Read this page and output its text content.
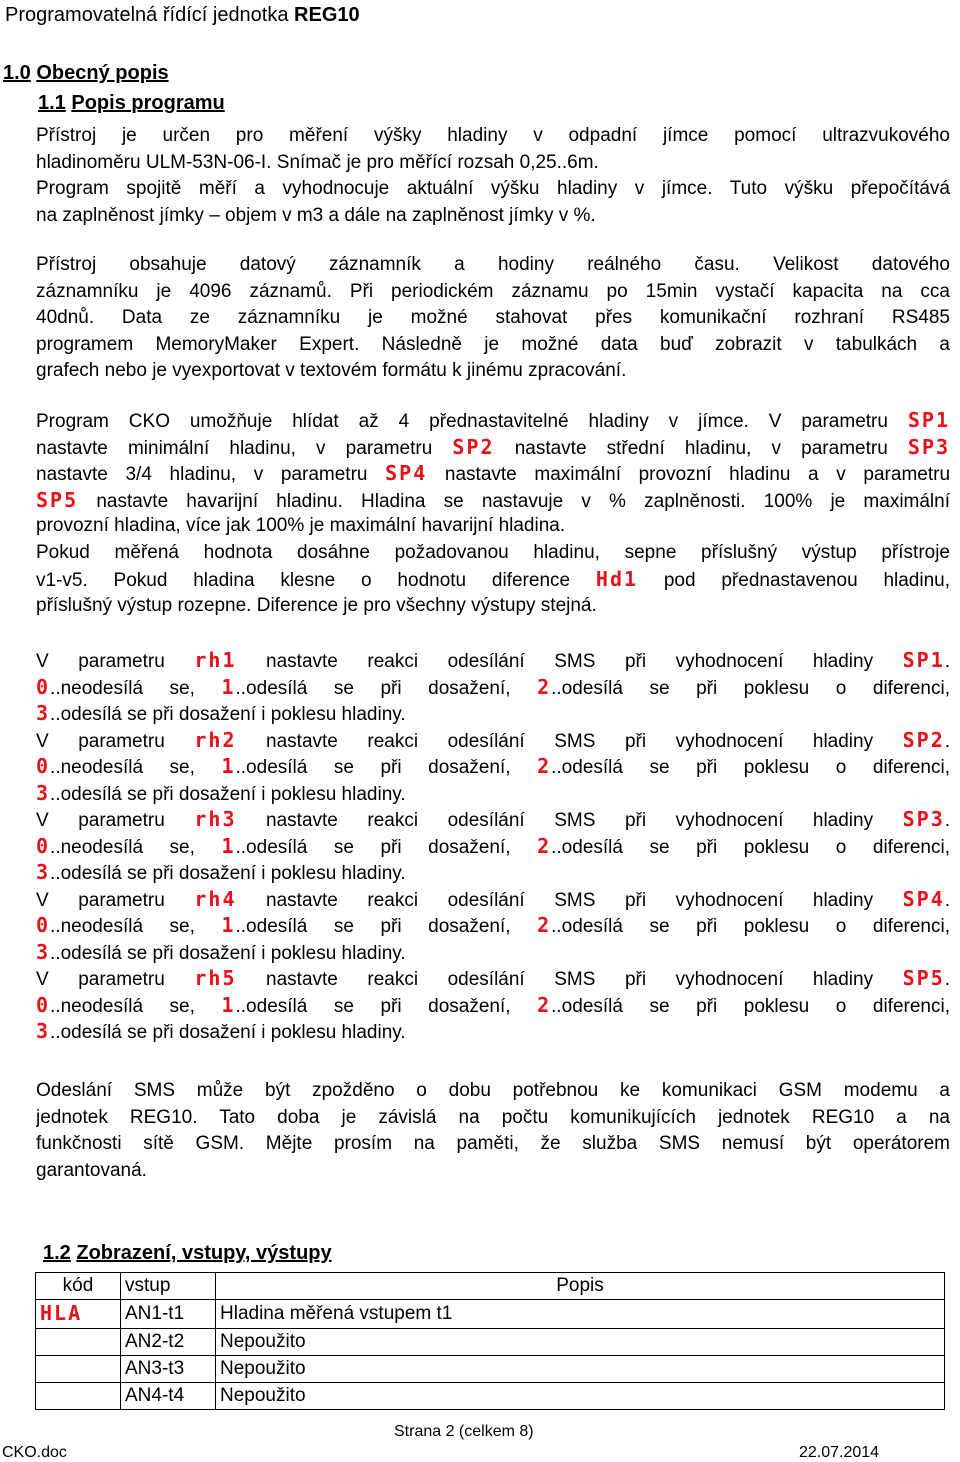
Programovatelná řídící jednotka REG10
1.0 Obecný popis
1.1 Popis programu
Přístroj je určen pro měření výšky hladiny v odpadní jímce pomocí ultrazvukového
hladinoměru ULM-53N-06-I. Snímač je pro měřící rozsah 0,25..6m.
Program spojitě měří a vyhodnocuje aktuální výšku hladiny v jímce. Tuto výšku přepočítává
na zaplněnost jímky – objem v m3 a dále na zaplněnost jímky v %.
Přístroj obsahuje datový záznamník a hodiny reálného času. Velikost datového
záznamníku je 4096 záznamů. Při periodickém záznamu po 15min vystačí kapacita na cca
40dnů. Data ze záznamníku je možné stahovat přes komunikační rozhraní RS485
programem MemoryMaker Expert. Následně je možné data buď zobrazit v tabulkách a
grafech nebo je vyexportovat v textovém formátu k jinému zpracování.
Program CKO umožňuje hlídat až 4 přednastavitelné hladiny v jímce. V parametru SP1
nastavte minimální hladinu, v parametru SP2 nastavte střední hladinu, v parametru SP3
nastavte 3/4 hladinu, v parametru SP4 nastavte maximální provozní hladinu a v parametru
SP5 nastavte havarijní hladinu. Hladina se nastavuje v % zaplněnosti. 100% je maximální
provozní hladina, více jak 100% je maximální havarijní hladina.
Pokud měřená hodnota dosáhne požadovanou hladinu, sepne příslušný výstup přístroje
v1-v5. Pokud hladina klesne o hodnotu diference Hd1 pod přednastavenou hladinu,
příslušný výstup rozepne. Diference je pro všechny výstupy stejná.
V parametru rh1 nastavte reakci odesílání SMS při vyhodnocení hladiny SP1.
0..neodesílá se, 1..odesílá se při dosažení, 2..odesílá se při poklesu o diferenci,
3..odesílá se při dosažení i poklesu hladiny.
V parametru rh2 nastavte reakci odesílání SMS při vyhodnocení hladiny SP2.
0..neodesílá se, 1..odesílá se při dosažení, 2..odesílá se při poklesu o diferenci,
3..odesílá se při dosažení i poklesu hladiny.
V parametru rh3 nastavte reakci odesílání SMS při vyhodnocení hladiny SP3.
0..neodesílá se, 1..odesílá se při dosažení, 2..odesílá se při poklesu o diferenci,
3..odesílá se při dosažení i poklesu hladiny.
V parametru rh4 nastavte reakci odesílání SMS při vyhodnocení hladiny SP4.
0..neodesílá se, 1..odesílá se při dosažení, 2..odesílá se při poklesu o diferenci,
3..odesílá se při dosažení i poklesu hladiny.
V parametru rh5 nastavte reakci odesílání SMS při vyhodnocení hladiny SP5.
0..neodesílá se, 1..odesílá se při dosažení, 2..odesílá se při poklesu o diferenci,
3..odesílá se při dosažení i poklesu hladiny.
Odeslání SMS může být zpožděno o dobu potřebnou ke komunikaci GSM modemu a
jednotek REG10. Tato doba je závislá na počtu komunikujících jednotek REG10 a na
funkčnosti sítě GSM. Mějte prosím na paměti, že služba SMS nemusí být operátorem
garantovaná.
1.2 Zobrazení, vstupy, výstupy
kód	vstup	Popis
HLA	AN1-t1	Hladina měřená vstupem t1
	AN2-t2	Nepoužito
	AN3-t3	Nepoužito
	AN4-t4	Nepoužito
Strana 2 (celkem 8)
CKO.doc	22.07.2014
